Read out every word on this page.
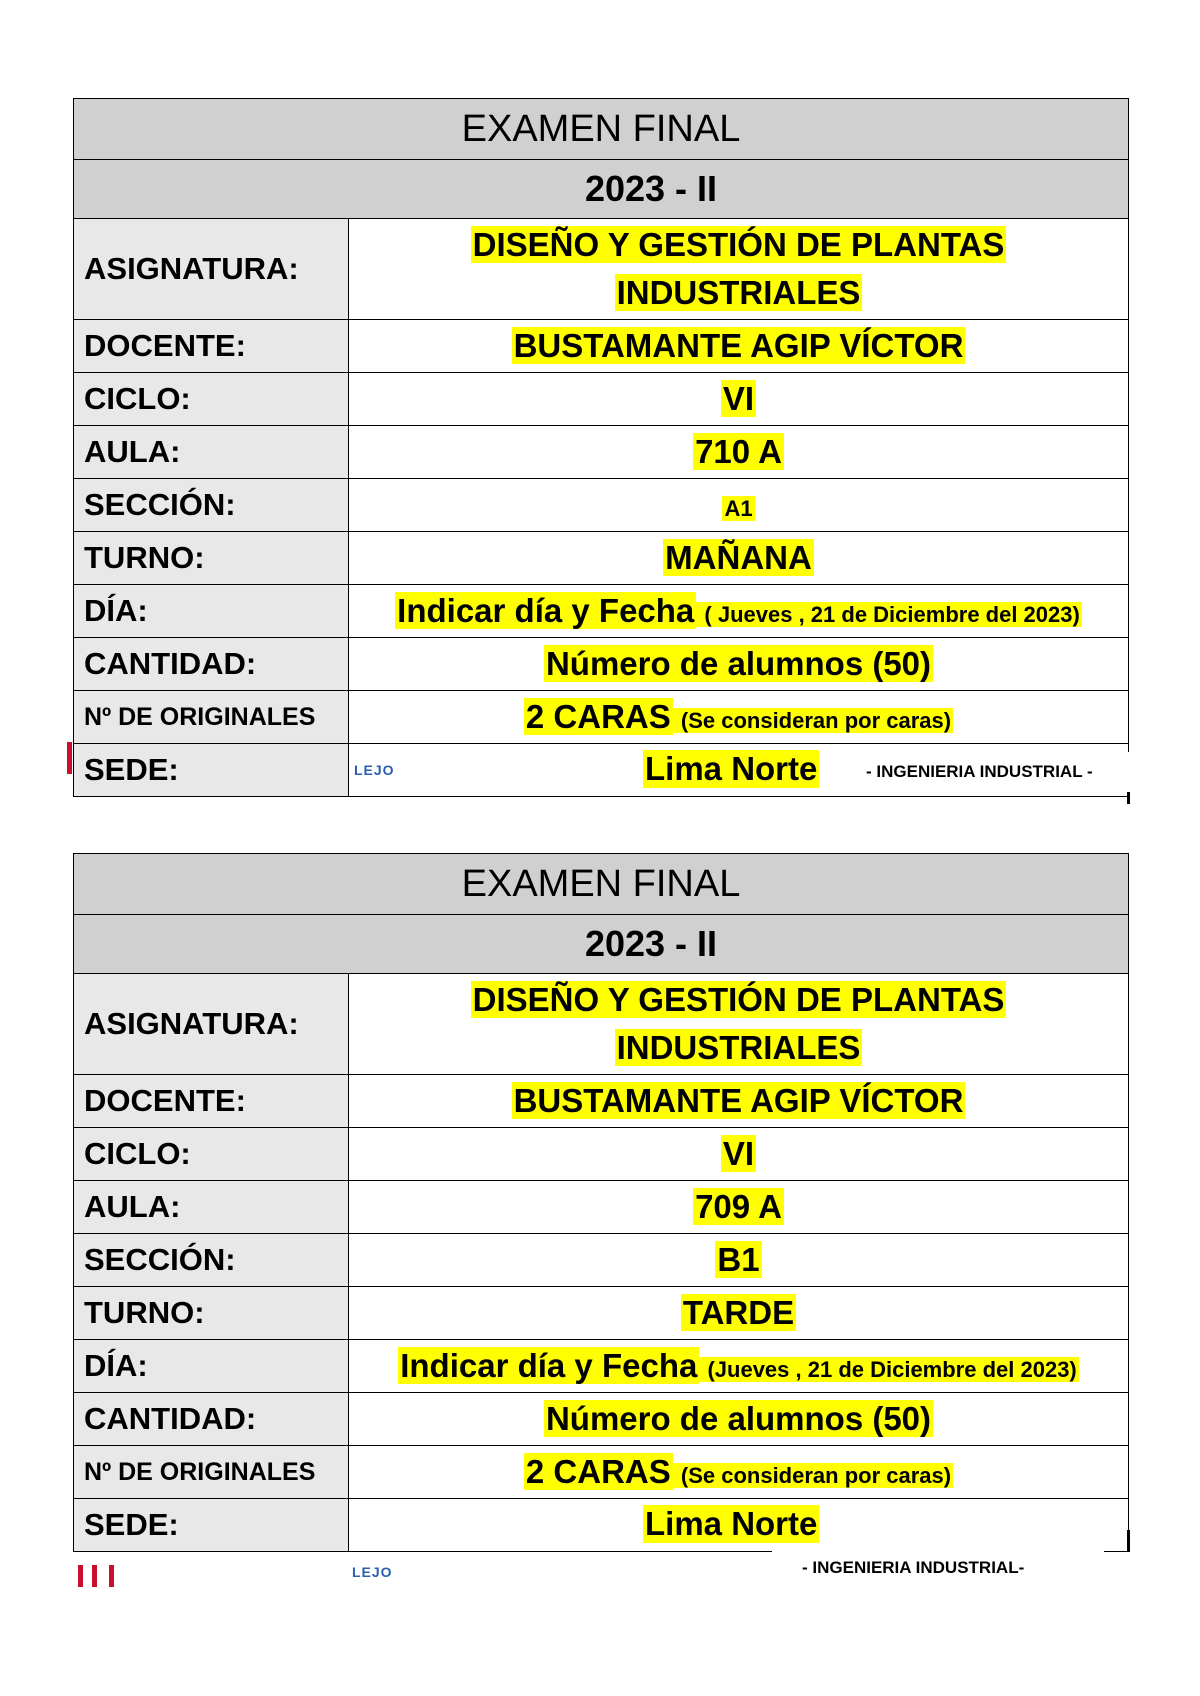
EXAMEN FINAL	
2023 - II	
ASIGNATURA:	DISEÑO Y GESTIÓN DE PLANTAS
INDUSTRIALES
DOCENTE:	BUSTAMANTE AGIP VÍCTOR
CICLO:	VI
AULA:	710 A
SECCIÓN:	A1
TURNO:	MAÑANA
DÍA:	Indicar día y Fecha ( Jueves , 21 de Diciembre del 2023)
CANTIDAD:	Número de alumnos (50)
Nº DE ORIGINALES	2 CARAS (Se consideran por caras)
SEDE:	Lima Norte
LEJO	- INGENIERIA INDUSTRIAL -
EXAMEN FINAL	
2023 - II	
ASIGNATURA:	DISEÑO Y GESTIÓN DE PLANTAS
INDUSTRIALES
DOCENTE:	BUSTAMANTE AGIP VÍCTOR
CICLO:	VI
AULA:	709 A
SECCIÓN:	B1
TURNO:	TARDE
DÍA:	Indicar día y Fecha (Jueves , 21 de Diciembre del 2023)
CANTIDAD:	Número de alumnos (50)
Nº DE ORIGINALES	2 CARAS (Se consideran por caras)
SEDE:	Lima Norte
LEJO	- INGENIERIA INDUSTRIAL-
